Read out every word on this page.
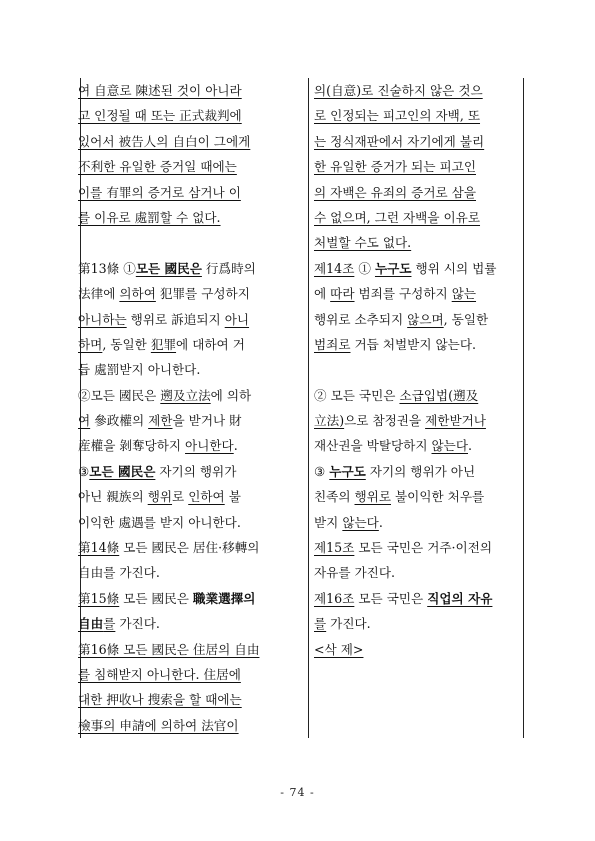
여 自意로 陳述된 것이 아니라
고 인정될 때 또는 正式裁判에
있어서 被告人의 自白이 그에게
不利한 유일한 증거일 때에는
이를 有罪의 증거로 삼거나 이
를 이유로 處罰할 수 없다.
第13條 ①모든 國民은 行爲時의
法律에 의하여 犯罪를 구성하지
아니하는 행위로 訴追되지 아니
하며, 동일한 犯罪에 대하여 거
듭 處罰받지 아니한다.
②모든 國民은 遡及立法에 의하
여 參政權의 제한을 받거나 財
産權을 剝奪당하지 아니한다.
③모든 國民은 자기의 행위가
아닌 親族의 행위로 인하여 불
이익한 處遇를 받지 아니한다.
第14條 모든 國民은 居住·移轉의
自由를 가진다.
第15條 모든 國民은 職業選擇의
自由를 가진다.
第16條 모든 國民은 住居의 自由
를 침해받지 아니한다. 住居에
대한 押收나 搜索을 할 때에는
檢事의 申請에 의하여 法官이
의(自意)로 진술하지 않은 것으
로 인정되는 피고인의 자백, 또
는 정식재판에서 자기에게 불리
한 유일한 증거가 되는 피고인
의 자백은 유죄의 증거로 삼을
수 없으며, 그런 자백을 이유로
처벌할 수도 없다.
제14조 ① 누구도 행위 시의 법률
에 따라 범죄를 구성하지 않는
행위로 소추되지 않으며, 동일한
범죄로 거듭 처벌받지 않는다.
② 모든 국민은 소급입법(遡及
立法)으로 참정권을 제한받거나
재산권을 박탈당하지 않는다.
③ 누구도 자기의 행위가 아닌
친족의 행위로 불이익한 처우를
받지 않는다.
제15조 모든 국민은 거주·이전의
자유를 가진다.
제16조 모든 국민은 직업의 자유
를 가진다.
<삭 제>
- 74 -
